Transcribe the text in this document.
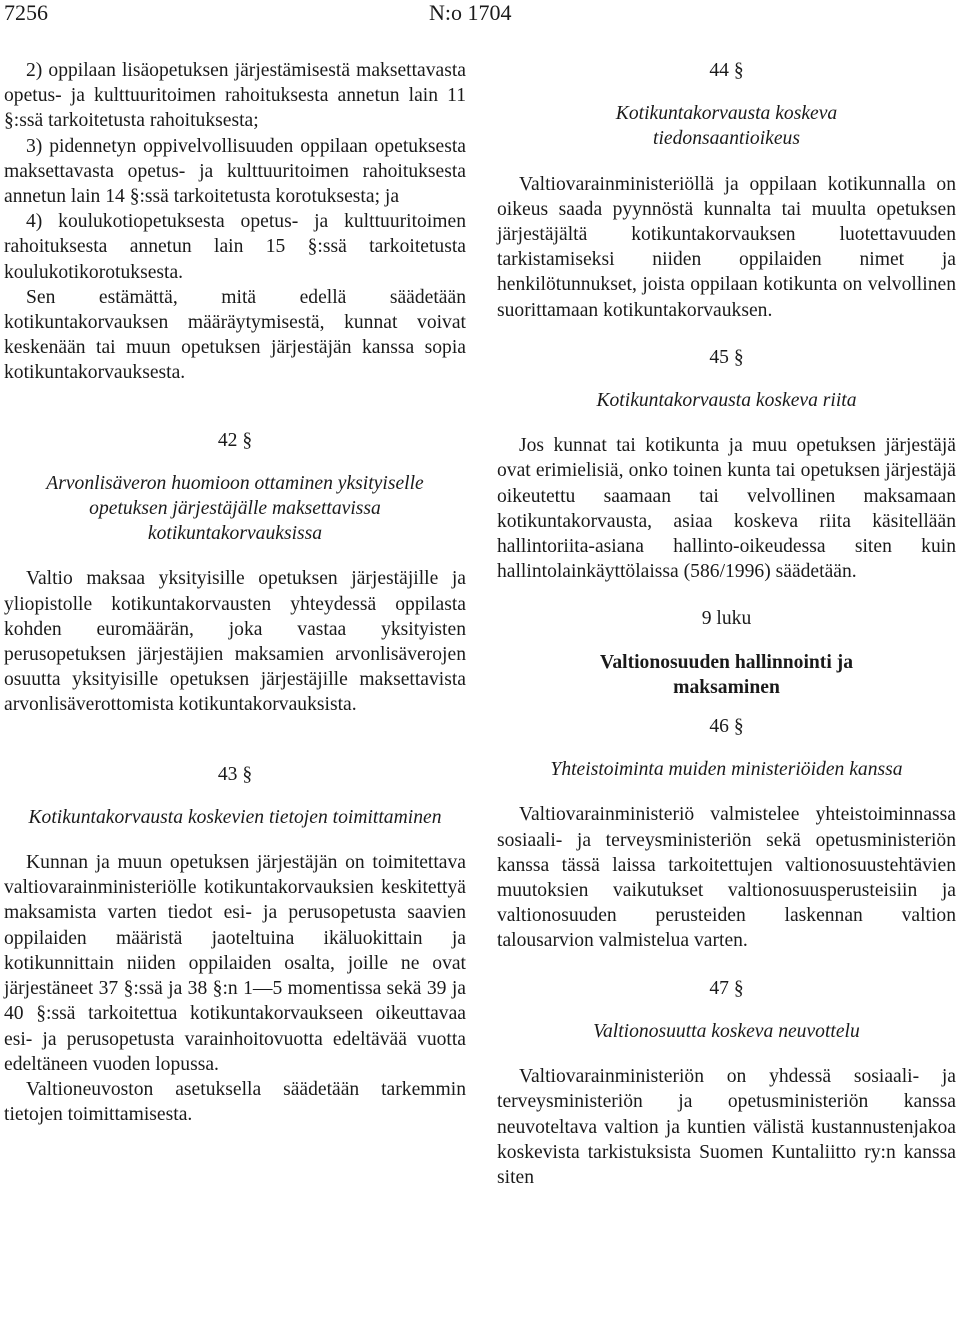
7256	N:o 1704

2) oppilaan lisäopetuksen järjestämisestä maksettavasta opetus- ja kulttuuritoimen rahoituksesta annetun lain 11 §:ssä tarkoitetusta rahoituksesta;

3) pidennetyn oppivelvollisuuden oppilaan opetuksesta maksettavasta opetus- ja kulttuuritoimen rahoituksesta annetun lain 14 §:ssä tarkoitetusta korotuksesta; ja

4) koulukotiopetuksesta opetus- ja kulttuuritoimen rahoituksesta annetun lain 15 §:ssä tarkoitetusta koulukotikorotuksesta.

Sen estämättä, mitä edellä säädetään kotikuntakorvauksen määräytymisestä, kunnat voivat keskenään tai muun opetuksen järjestäjän kanssa sopia kotikuntakorvauksesta.

42 §

Arvonlisäveron huomioon ottaminen yksityiselle opetuksen järjestäjälle maksettavissa kotikuntakorvauksissa

Valtio maksaa yksityisille opetuksen järjestäjille ja yliopistolle kotikuntakorvausten yhteydessä oppilasta kohden euromäärän, joka vastaa yksityisten perusopetuksen järjestäjien maksamien arvonlisäverojen osuutta yksityisille opetuksen järjestäjille maksettavista arvonlisäverottomista kotikuntakorvauksista.

43 §

Kotikuntakorvausta koskevien tietojen toimittaminen

Kunnan ja muun opetuksen järjestäjän on toimitettava valtiovarainministeriölle kotikuntakorvauksien keskitettyä maksamista varten tiedot esi- ja perusopetusta saavien oppilaiden määristä jaoteltuina ikäluokittain ja kotikunnittain niiden oppilaiden osalta, joille ne ovat järjestäneet 37 §:ssä ja 38 §:n 1—5 momentissa sekä 39 ja 40 §:ssä tarkoitettua kotikuntakorvaukseen oikeuttavaa esi- ja perusopetusta varainhoitovuotta edeltävää vuotta edeltäneen vuoden lopussa.

Valtioneuvoston asetuksella säädetään tarkemmin tietojen toimittamisesta.

44 §

Kotikuntakorvausta koskeva tiedonsaantioikeus

Valtiovarainministeriöllä ja oppilaan kotikunnalla on oikeus saada pyynnöstä kunnalta tai muulta opetuksen järjestäjältä kotikuntakorvauksen luotettavuuden tarkistamiseksi niiden oppilaiden nimet ja henkilötunnukset, joista oppilaan kotikunta on velvollinen suorittamaan kotikuntakorvauksen.

45 §

Kotikuntakorvausta koskeva riita

Jos kunnat tai kotikunta ja muu opetuksen järjestäjä ovat erimielisiä, onko toinen kunta tai opetuksen järjestäjä oikeutettu saamaan tai velvollinen maksamaan kotikuntakorvausta, asiaa koskeva riita käsitellään hallintoriita-asiana hallinto-oikeudessa siten kuin hallintolainkäyttölaissa (586/1996) säädetään.

9 luku

Valtionosuuden hallinnointi ja maksaminen

46 §

Yhteistoiminta muiden ministeriöiden kanssa

Valtiovarainministeriö valmistelee yhteistoiminnassa sosiaali- ja terveysministeriön sekä opetusministeriön kanssa tässä laissa tarkoitettujen valtionosuustehtävien muutoksien vaikutukset valtionosuusperusteisiin ja valtionosuuden perusteiden laskennan valtion talousarvion valmistelua varten.

47 §

Valtionosuutta koskeva neuvottelu

Valtiovarainministeriön on yhdessä sosiaali- ja terveysministeriön ja opetusministeriön kanssa neuvoteltava valtion ja kuntien välistä kustannustenjakoa koskevista tarkistuksista Suomen Kuntaliitto ry:n kanssa siten
